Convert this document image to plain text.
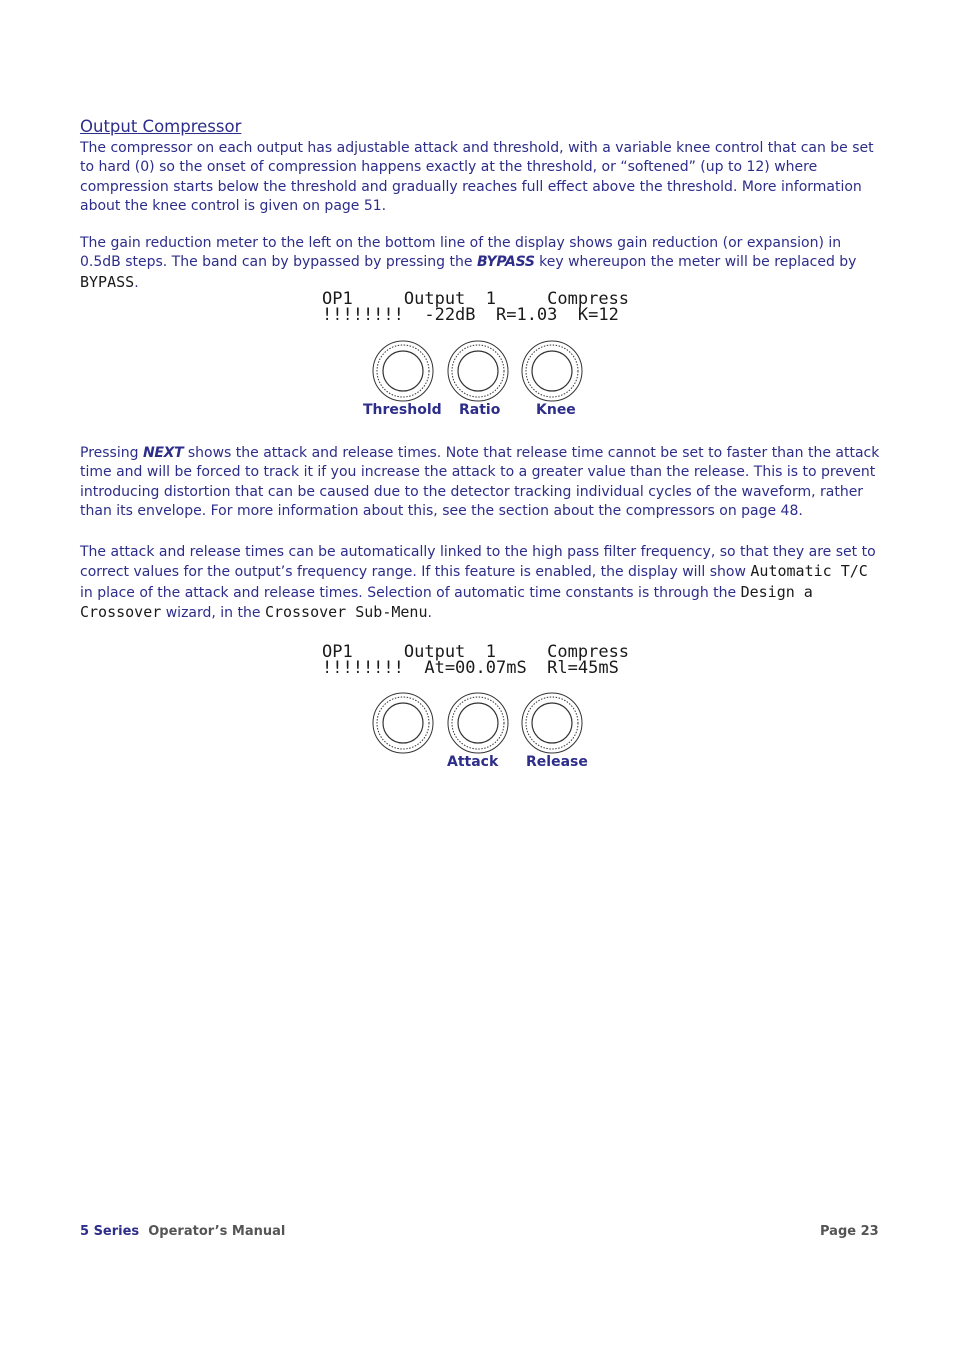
Output Compressor
The compressor on each output has adjustable attack and threshold, with a variable knee control that can be set to hard (0) so the onset of compression happens exactly at the threshold, or “softened” (up to 12) where compression starts below the threshold and gradually reaches full effect above the threshold. More information about the knee control is given on page 51.
The gain reduction meter to the left on the bottom line of the display shows gain reduction (or expansion) in 0.5dB steps. The band can by bypassed by pressing the BYPASS key whereupon the meter will be replaced by BYPASS.
OP1     Output  1     Compress
!!!!!!!!  -22dB  R=1.03  K=12
Threshold Ratio	Knee
Pressing NEXT shows the attack and release times. Note that release time cannot be set to faster than the attack time and will be forced to track it if you increase the attack to a greater value than the release. This is to prevent introducing distortion that can be caused due to the detector tracking individual cycles of the waveform, rather than its envelope. For more information about this, see the section about the compressors on page 48.
The attack and release times can be automatically linked to the high pass filter frequency, so that they are set to correct values for the output’s frequency range. If this feature is enabled, the display will show Automatic T/C in place of the attack and release times. Selection of automatic time constants is through the Design a Crossover wizard, in the Crossover Sub-Menu.
OP1     Output  1     Compress
!!!!!!!!  At=00.07mS  Rl=45mS
Attack Release
5 Series Operator’s Manual	Page 23
